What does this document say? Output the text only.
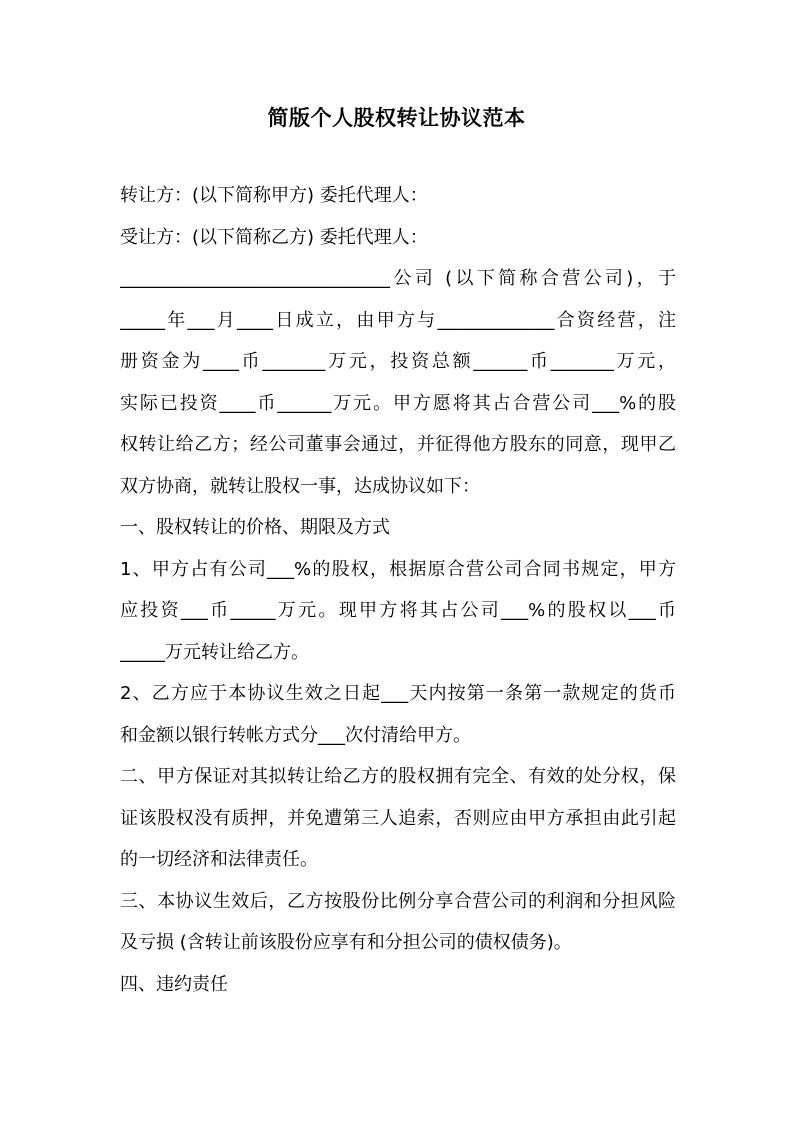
简版个人股权转让协议范本
转让方：(以下简称甲方) 委托代理人：
受让方：(以下简称乙方) 委托代理人：
______________________________公司 (以下简称合营公司)，于
_____年___月____日成立，由甲方与_____________合资经营，注
册资金为____币_______万元，投资总额______币_______万元，
实际已投资____币______万元。甲方愿将其占合营公司___%的股
权转让给乙方；经公司董事会通过，并征得他方股东的同意，现甲乙
双方协商，就转让股权一事，达成协议如下：
一、股权转让的价格、期限及方式
1、甲方占有公司___%的股权，根据原合营公司合同书规定，甲方
应投资___币_____万元。现甲方将其占公司___%的股权以___币
_____万元转让给乙方。
2、乙方应于本协议生效之日起___天内按第一条第一款规定的货币
和金额以银行转帐方式分___次付清给甲方。
二、甲方保证对其拟转让给乙方的股权拥有完全、有效的处分权，保
证该股权没有质押，并免遭第三人追索，否则应由甲方承担由此引起
的一切经济和法律责任。
三、本协议生效后，乙方按股份比例分享合营公司的利润和分担风险
及亏损 (含转让前该股份应享有和分担公司的债权债务)。
四、违约责任
